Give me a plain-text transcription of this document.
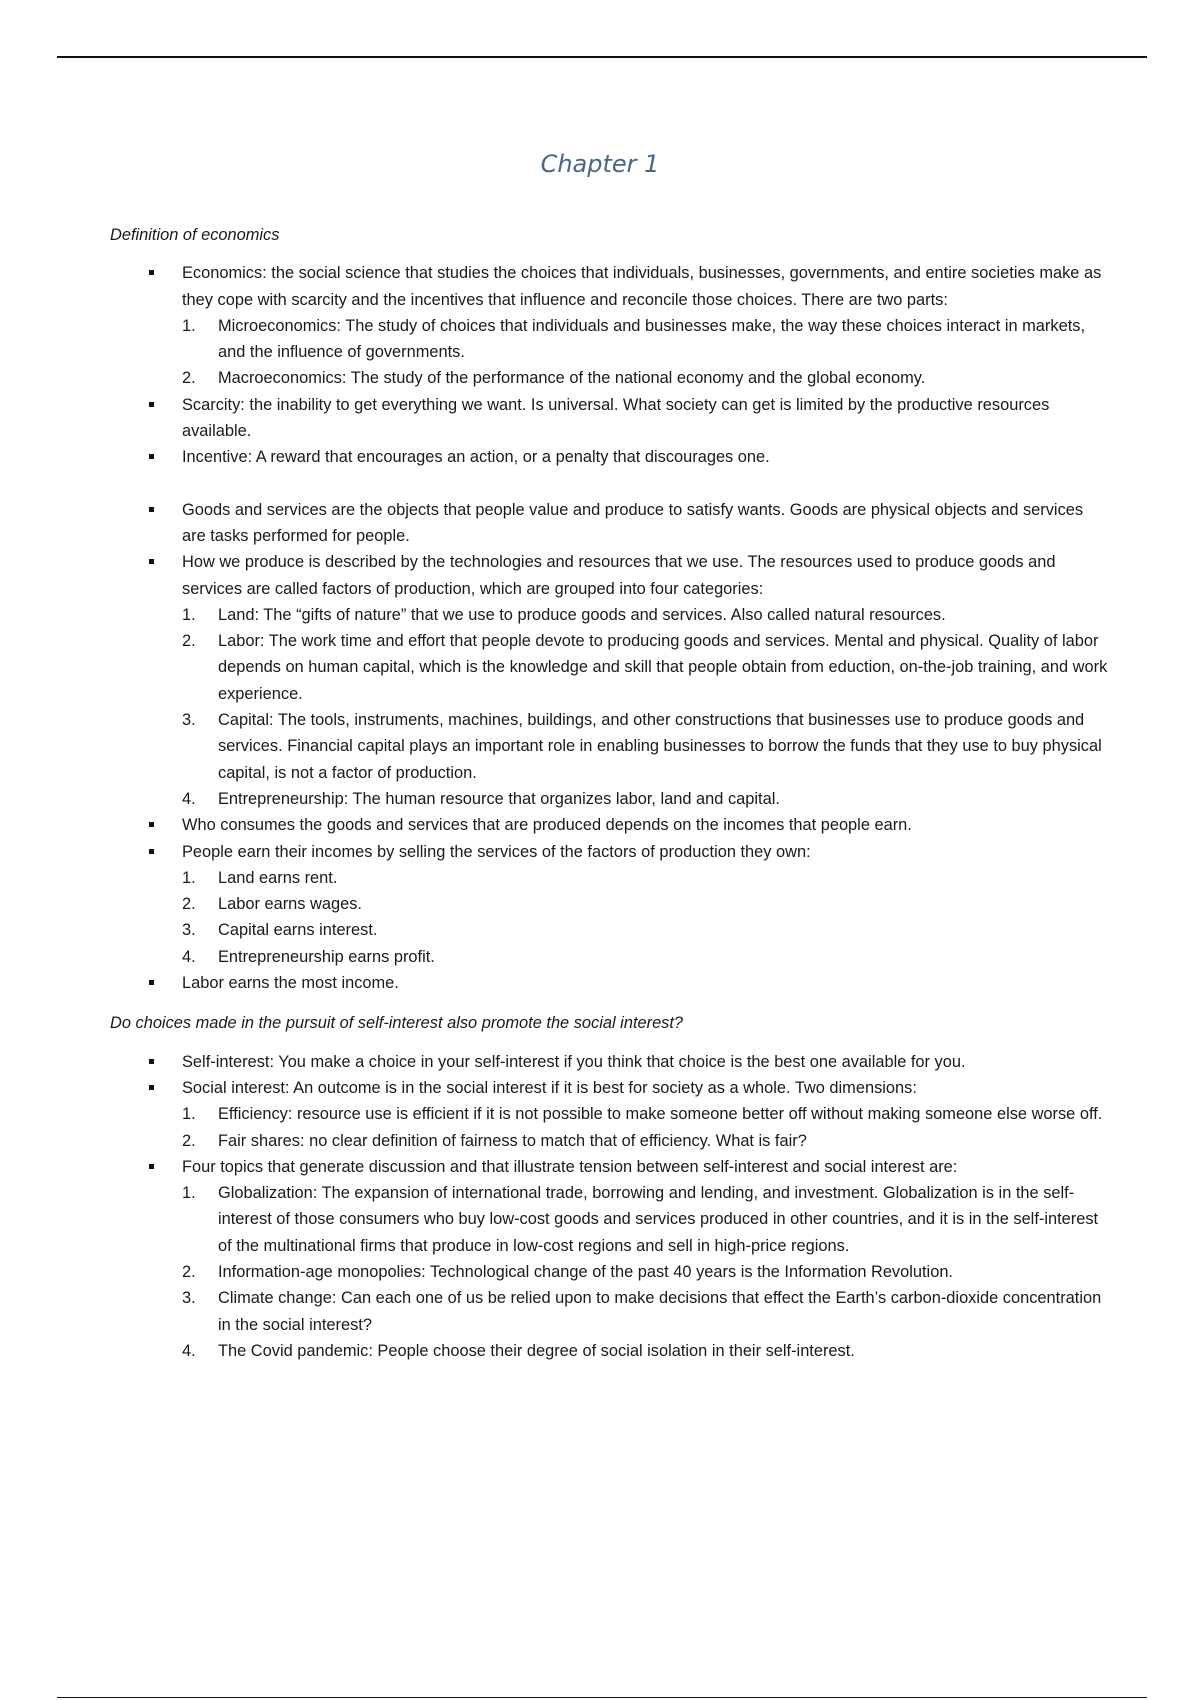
Chapter 1

Definition of economics

Economics: the social science that studies the choices that individuals, businesses, governments, and entire societies make as they cope with scarcity and the incentives that influence and reconcile those choices. There are two parts:
1. Microeconomics: The study of choices that individuals and businesses make, the way these choices interact in markets, and the influence of governments.
2. Macroeconomics: The study of the performance of the national economy and the global economy.
Scarcity: the inability to get everything we want. Is universal. What society can get is limited by the productive resources available.
Incentive: A reward that encourages an action, or a penalty that discourages one.
Goods and services are the objects that people value and produce to satisfy wants. Goods are physical objects and services are tasks performed for people.
How we produce is described by the technologies and resources that we use. The resources used to produce goods and services are called factors of production, which are grouped into four categories:
1. Land: The “gifts of nature” that we use to produce goods and services. Also called natural resources.
2. Labor: The work time and effort that people devote to producing goods and services. Mental and physical. Quality of labor depends on human capital, which is the knowledge and skill that people obtain from eduction, on-the-job training, and work experience.
3. Capital: The tools, instruments, machines, buildings, and other constructions that businesses use to produce goods and services. Financial capital plays an important role in enabling businesses to borrow the funds that they use to buy physical capital, is not a factor of production.
4. Entrepreneurship: The human resource that organizes labor, land and capital.
Who consumes the goods and services that are produced depends on the incomes that people earn.
People earn their incomes by selling the services of the factors of production they own:
1. Land earns rent.
2. Labor earns wages.
3. Capital earns interest.
4. Entrepreneurship earns profit.
Labor earns the most income.

Do choices made in the pursuit of self-interest also promote the social interest?

Self-interest: You make a choice in your self-interest if you think that choice is the best one available for you.
Social interest: An outcome is in the social interest if it is best for society as a whole. Two dimensions:
1. Efficiency: resource use is efficient if it is not possible to make someone better off without making someone else worse off.
2. Fair shares: no clear definition of fairness to match that of efficiency. What is fair?
Four topics that generate discussion and that illustrate tension between self-interest and social interest are:
1. Globalization: The expansion of international trade, borrowing and lending, and investment. Globalization is in the self-interest of those consumers who buy low-cost goods and services produced in other countries, and it is in the self-interest of the multinational firms that produce in low-cost regions and sell in high-price regions.
2. Information-age monopolies: Technological change of the past 40 years is the Information Revolution.
3. Climate change: Can each one of us be relied upon to make decisions that effect the Earth’s carbon-dioxide concentration in the social interest?
4. The Covid pandemic: People choose their degree of social isolation in their self-interest.
